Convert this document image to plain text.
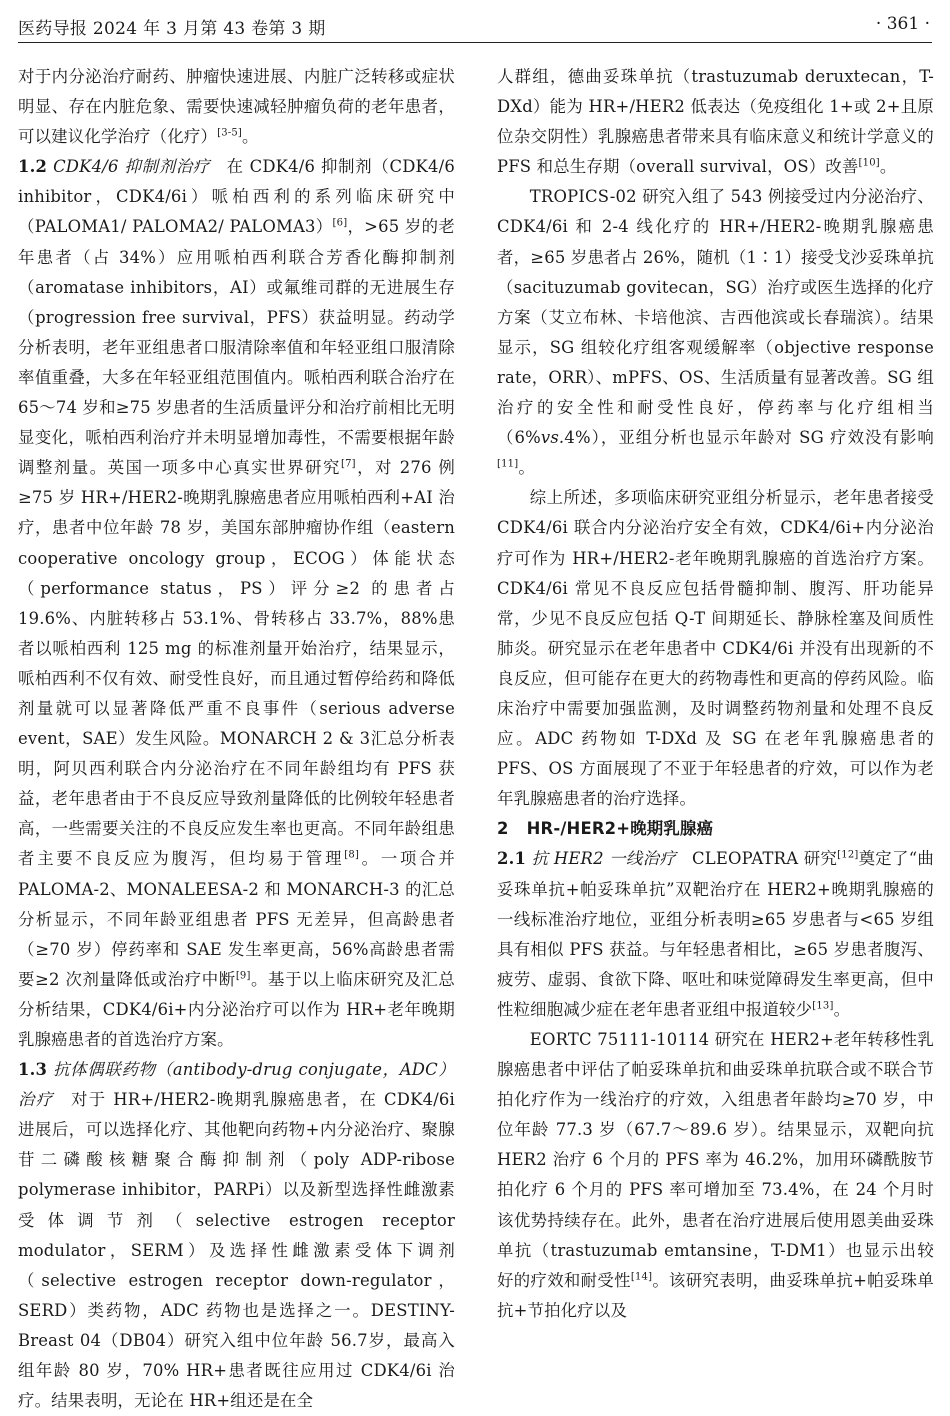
医药导报 2024 年 3 月第 43 卷第 3 期	· 361 ·

对于内分泌治疗耐药、肿瘤快速进展、内脏广泛转移或症状明显、存在内脏危象、需要快速减轻肿瘤负荷的老年患者，可以建议化学治疗（化疗）[3-5]。

1.2 CDK4/6 抑制剂治疗 在 CDK4/6 抑制剂（CDK4/6 inhibitor，CDK4/6i）哌柏西利的系列临床研究中（PALOMA1/ PALOMA2/ PALOMA3）[6]，>65 岁的老年患者（占 34%）应用哌柏西利联合芳香化酶抑制剂（aromatase inhibitors，AI）或氟维司群的无进展生存（progression free survival，PFS）获益明显。药动学分析表明，老年亚组患者口服清除率值和年轻亚组口服清除率值重叠，大多在年轻亚组范围值内。哌柏西利联合治疗在 65～74 岁和≥75 岁患者的生活质量评分和治疗前相比无明显变化，哌柏西利治疗并未明显增加毒性，不需要根据年龄调整剂量。英国一项多中心真实世界研究[7]，对 276 例≥75 岁 HR+/HER2-晚期乳腺癌患者应用哌柏西利+AI 治疗，患者中位年龄 78 岁，美国东部肿瘤协作组（eastern cooperative oncology group，ECOG）体能状态（performance status，PS）评分≥2 的患者占 19.6%、内脏转移占 53.1%、骨转移占 33.7%，88%患者以哌柏西利 125 mg 的标准剂量开始治疗，结果显示，哌柏西利不仅有效、耐受性良好，而且通过暂停给药和降低剂量就可以显著降低严重不良事件（serious adverse event，SAE）发生风险。MONARCH 2 & 3汇总分析表明，阿贝西利联合内分泌治疗在不同年龄组均有 PFS 获益，老年患者由于不良反应导致剂量降低的比例较年轻患者高，一些需要关注的不良反应发生率也更高。不同年龄组患者主要不良反应为腹泻，但均易于管理[8]。一项合并 PALOMA-2、MONALEESA-2 和 MONARCH-3 的汇总分析显示，不同年龄亚组患者 PFS 无差异，但高龄患者（≥70 岁）停药率和 SAE 发生率更高，56%高龄患者需要≥2 次剂量降低或治疗中断[9]。基于以上临床研究及汇总分析结果，CDK4/6i+内分泌治疗可以作为 HR+老年晚期乳腺癌患者的首选治疗方案。

1.3 抗体偶联药物（antibody-drug conjugate，ADC）治疗 对于 HR+/HER2-晚期乳腺癌患者，在 CDK4/6i 进展后，可以选择化疗、其他靶向药物+内分泌治疗、聚腺苷二磷酸核糖聚合酶抑制剂（poly ADP-ribose polymerase inhibitor，PARPi）以及新型选择性雌激素受体调节剂（selective estrogen receptor modulator，SERM）及选择性雌激素受体下调剂（selective estrogen receptor down-regulator，SERD）类药物，ADC 药物也是选择之一。DESTINY-Breast 04（DB04）研究入组中位年龄 56.7岁，最高入组年龄 80 岁，70% HR+患者既往应用过 CDK4/6i 治疗。结果表明，无论在 HR+组还是在全

人群组，德曲妥珠单抗（trastuzumab deruxtecan，T-DXd）能为 HR+/HER2 低表达（免疫组化 1+或 2+且原位杂交阴性）乳腺癌患者带来具有临床意义和统计学意义的 PFS 和总生存期（overall survival，OS）改善[10]。

TROPICS-02 研究入组了 543 例接受过内分泌治疗、CDK4/6i 和 2-4 线化疗的 HR+/HER2-晚期乳腺癌患者，≥65 岁患者占 26%，随机（1∶1）接受戈沙妥珠单抗（sacituzumab govitecan，SG）治疗或医生选择的化疗方案（艾立布林、卡培他滨、吉西他滨或长春瑞滨）。结果显示，SG 组较化疗组客观缓解率（objective response rate，ORR）、mPFS、OS、生活质量有显著改善。SG 组治疗的安全性和耐受性良好，停药率与化疗组相当（6%vs.4%），亚组分析也显示年龄对 SG 疗效没有影响[11]。

综上所述，多项临床研究亚组分析显示，老年患者接受 CDK4/6i 联合内分泌治疗安全有效，CDK4/6i+内分泌治疗可作为 HR+/HER2-老年晚期乳腺癌的首选治疗方案。CDK4/6i 常见不良反应包括骨髓抑制、腹泻、肝功能异常，少见不良反应包括 Q-T 间期延长、静脉栓塞及间质性肺炎。研究显示在老年患者中 CDK4/6i 并没有出现新的不良反应，但可能存在更大的药物毒性和更高的停药风险。临床治疗中需要加强监测，及时调整药物剂量和处理不良反应。ADC 药物如 T-DXd 及 SG 在老年乳腺癌患者的 PFS、OS 方面展现了不亚于年轻患者的疗效，可以作为老年乳腺癌患者的治疗选择。

2 HR-/HER2+晚期乳腺癌

2.1 抗 HER2 一线治疗 CLEOPATRA 研究[12]奠定了“曲妥珠单抗+帕妥珠单抗”双靶治疗在 HER2+晚期乳腺癌的一线标准治疗地位，亚组分析表明≥65 岁患者与<65 岁组具有相似 PFS 获益。与年轻患者相比，≥65 岁患者腹泻、疲劳、虚弱、食欲下降、呕吐和味觉障碍发生率更高，但中性粒细胞减少症在老年患者亚组中报道较少[13]。

EORTC 75111-10114 研究在 HER2+老年转移性乳腺癌患者中评估了帕妥珠单抗和曲妥珠单抗联合或不联合节拍化疗作为一线治疗的疗效，入组患者年龄均≥70 岁，中位年龄 77.3 岁（67.7～89.6 岁）。结果显示，双靶向抗 HER2 治疗 6 个月的 PFS 率为 46.2%，加用环磷酰胺节拍化疗 6 个月的 PFS 率可增加至 73.4%，在 24 个月时该优势持续存在。此外，患者在治疗进展后使用恩美曲妥珠单抗（trastuzumab emtansine，T-DM1）也显示出较好的疗效和耐受性[14]。该研究表明，曲妥珠单抗+帕妥珠单抗+节拍化疗以及
